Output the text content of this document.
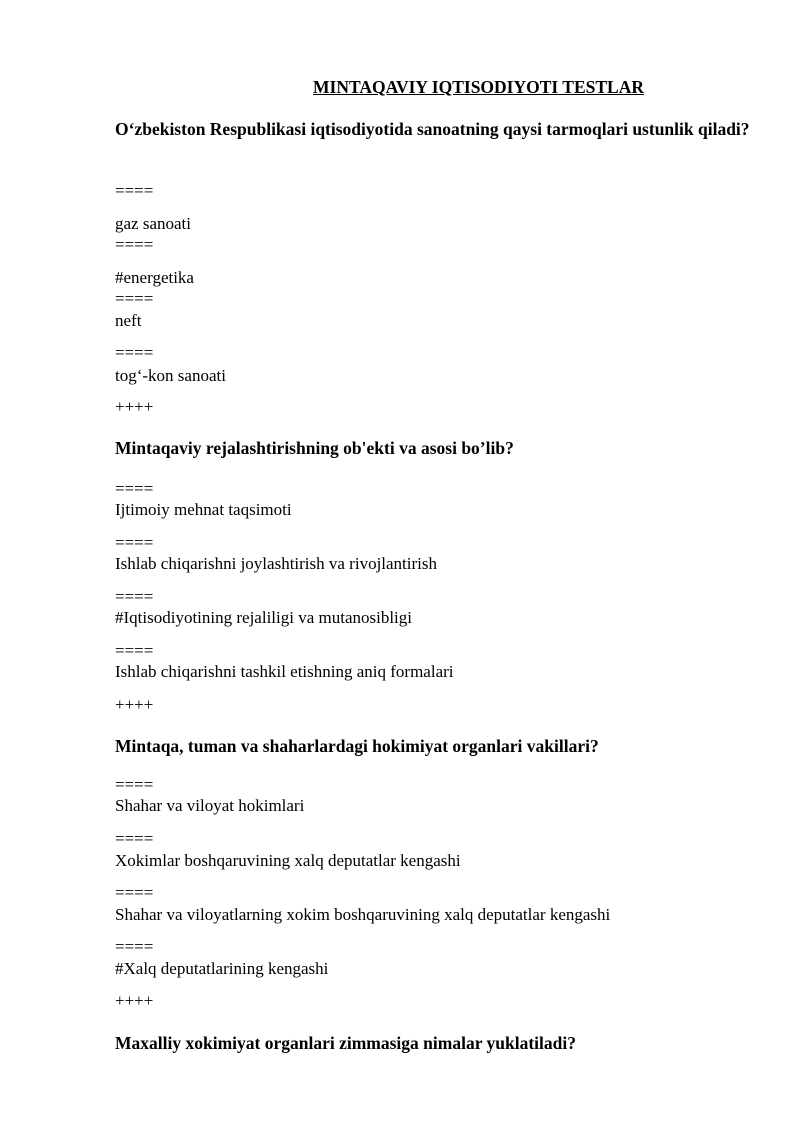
MINTAQAVIY IQTISODIYOTI TESTLAR
O‘zbekiston Respublikasi iqtisodiyotida sanoatning qaysi tarmoqlari ustunlik qiladi?
====
gaz sanoati
====
#energetika
====
neft
====
tog‘-kon sanoati
++++
Mintaqaviy rejalashtirishning ob'ekti va asosi bo’lib?
====
Ijtimoiy mehnat taqsimoti
====
Ishlab chiqarishni joylashtirish va rivojlantirish
====
#Iqtisodiyotining rejaliligi va mutanosibligi
====
Ishlab chiqarishni tashkil etishning aniq formalari
++++
Mintaqa, tuman va shaharlardagi hokimiyat organlari vakillari?
====
Shahar va viloyat hokimlari
====
Xokimlar boshqaruvining xalq deputatlar kengashi
====
Shahar va viloyatlarning xokim boshqaruvining xalq deputatlar kengashi
====
#Xalq deputatlarining kengashi
++++
Maxalliy xokimiyat organlari zimmasiga nimalar yuklatiladi?
